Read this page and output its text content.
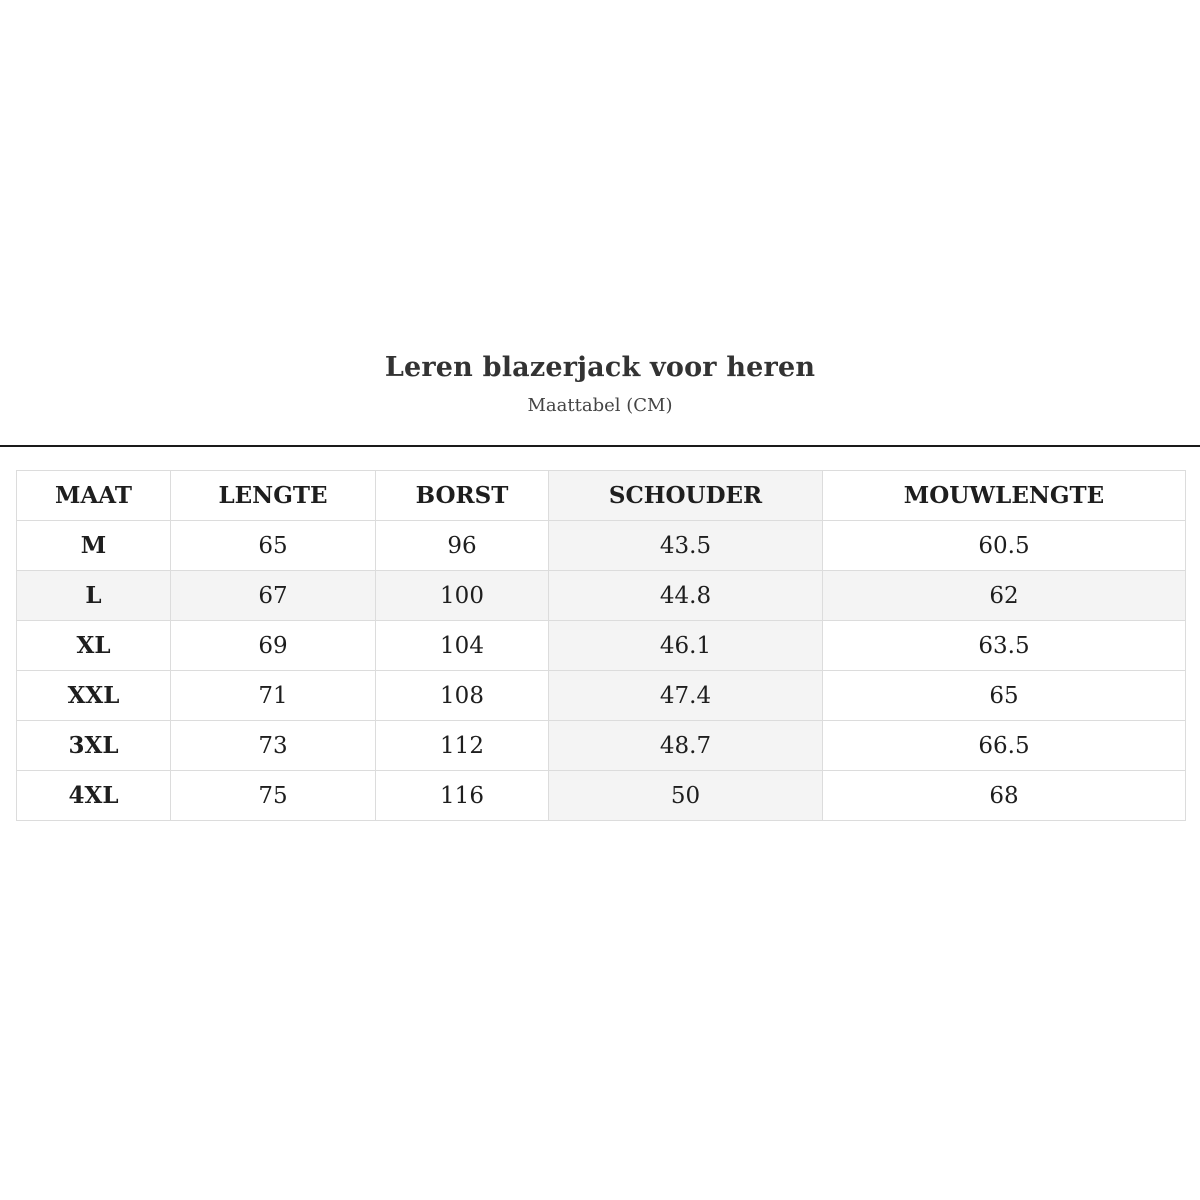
Leren blazerjack voor heren
Maattabel (CM)
MAAT	LENGTE	BORST	SCHOUDER	MOUWLENGTE
M	65	96	43.5	60.5
L	67	100	44.8	62
XL	69	104	46.1	63.5
XXL	71	108	47.4	65
3XL	73	112	48.7	66.5
4XL	75	116	50	68
